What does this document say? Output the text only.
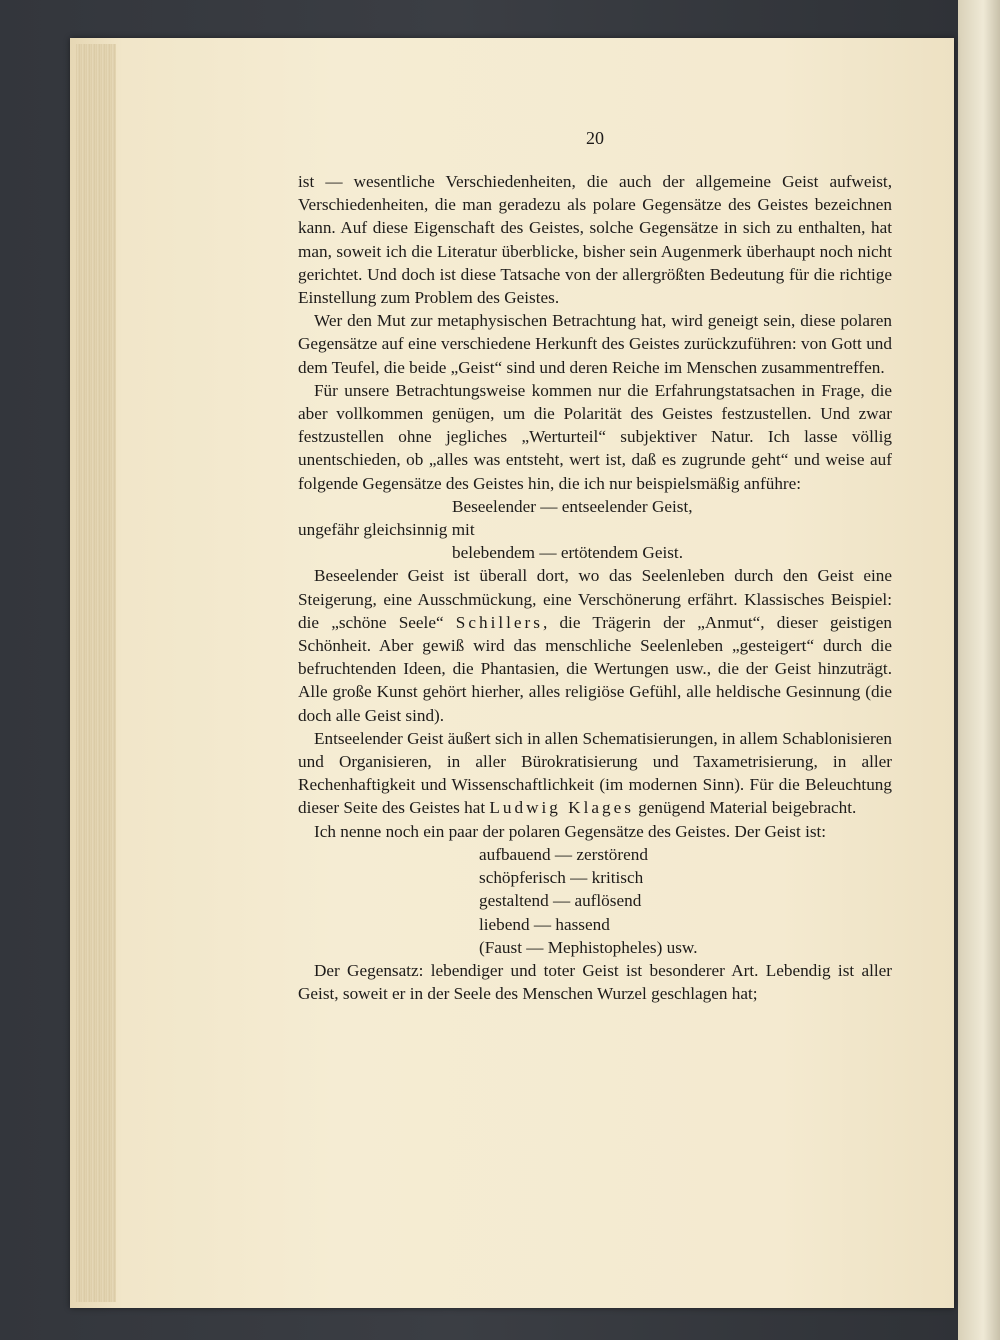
20

ist — wesentliche Verschiedenheiten, die auch der allgemeine Geist aufweist, Verschiedenheiten, die man geradezu als polare Gegensätze des Geistes bezeichnen kann. Auf diese Eigenschaft des Geistes, solche Gegensätze in sich zu enthalten, hat man, soweit ich die Literatur überblicke, bisher sein Augenmerk überhaupt noch nicht gerichtet. Und doch ist diese Tatsache von der allergrößten Bedeutung für die richtige Einstellung zum Problem des Geistes.

Wer den Mut zur metaphysischen Betrachtung hat, wird geneigt sein, diese polaren Gegensätze auf eine verschiedene Herkunft des Geistes zurückzuführen: von Gott und dem Teufel, die beide „Geist“ sind und deren Reiche im Menschen zusammentreffen.

Für unsere Betrachtungsweise kommen nur die Erfahrungstatsachen in Frage, die aber vollkommen genügen, um die Polarität des Geistes festzustellen. Und zwar festzustellen ohne jegliches „Werturteil“ subjektiver Natur. Ich lasse völlig unentschieden, ob „alles was entsteht, wert ist, daß es zugrunde geht“ und weise auf folgende Gegensätze des Geistes hin, die ich nur beispielsmäßig anführe:

Beseelender — entseelender Geist,

ungefähr gleichsinnig mit

belebendem — ertötendem Geist.

Beseelender Geist ist überall dort, wo das Seelenleben durch den Geist eine Steigerung, eine Ausschmückung, eine Verschönerung erfährt. Klassisches Beispiel: die „schöne Seele“ Schillers, die Trägerin der „Anmut“, dieser geistigen Schönheit. Aber gewiß wird das menschliche Seelenleben „gesteigert“ durch die befruchtenden Ideen, die Phantasien, die Wertungen usw., die der Geist hinzuträgt. Alle große Kunst gehört hierher, alles religiöse Gefühl, alle heldische Gesinnung (die doch alle Geist sind).

Entseelender Geist äußert sich in allen Schematisierungen, in allem Schablonisieren und Organisieren, in aller Bürokratisierung und Taxametrisierung, in aller Rechenhaftigkeit und Wissenschaftlichkeit (im modernen Sinn). Für die Beleuchtung dieser Seite des Geistes hat Ludwig Klages genügend Material beigebracht.

Ich nenne noch ein paar der polaren Gegensätze des Geistes. Der Geist ist:

aufbauend — zerstörend

schöpferisch — kritisch

gestaltend — auflösend

liebend — hassend

(Faust — Mephistopheles) usw.

Der Gegensatz: lebendiger und toter Geist ist besonderer Art. Lebendig ist aller Geist, soweit er in der Seele des Menschen Wurzel geschlagen hat;
